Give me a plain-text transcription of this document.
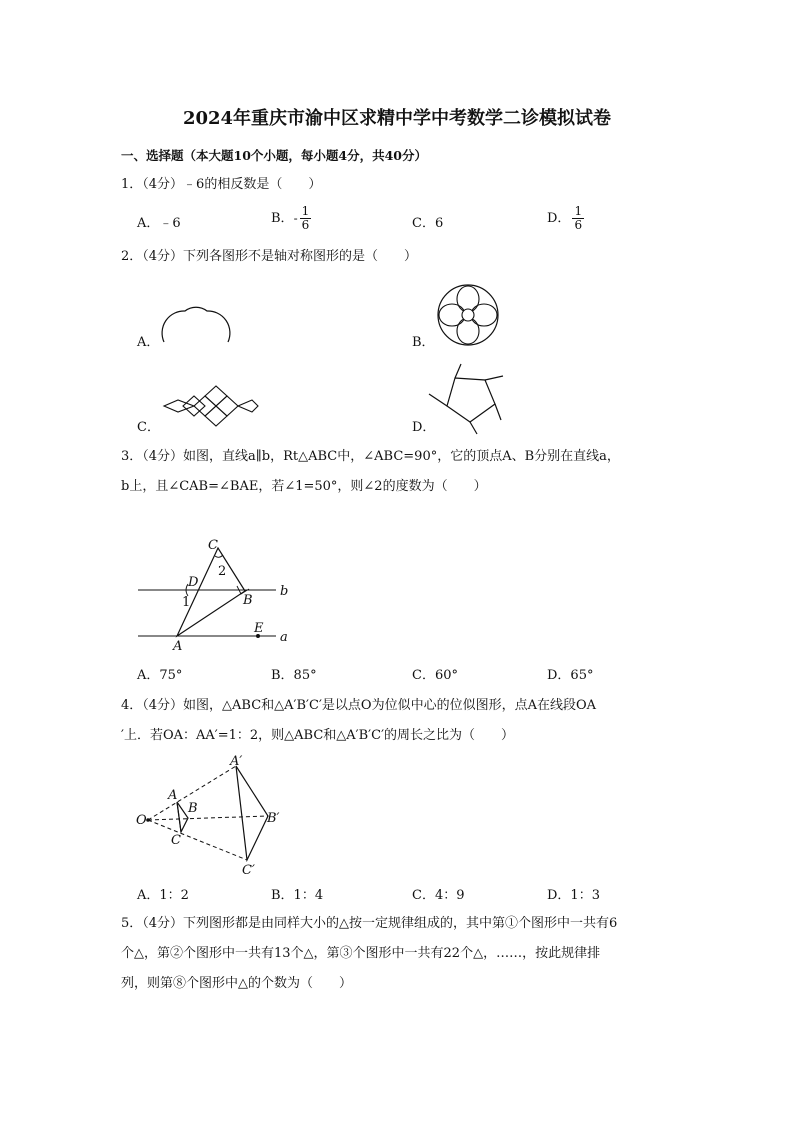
2024年重庆市渝中区求精中学中考数学二诊模拟试卷
一、选择题（本大题10个小题，每小题4分，共40分）
1．（4分）﹣6的相反数是（　　）
A．﹣6	B．- $\frac{1}{6}$	C．6	D． $\frac{1}{6}$
2．（4分）下列各图形不是轴对称图形的是（　　）
A．	B．
C．	D．
3．（4分）如图，直线a∥b，Rt△ABC中，∠ABC=90°，它的顶点A、B分别在直线a，
b上，且∠CAB=∠BAE，若∠1=50°，则∠2的度数为（　　）
C
2
D
1	B
b
E
a
A
A．75°	B．85°	C．60°	D．65°
4．（4分）如图，△ABC和△A′B′C′是以点O为位似中心的位似图形，点A在线段OA
′上．若OA：AA′=1：2，则△ABC和△A′B′C′的周长之比为（　　）
A′
A
B
O	B′
C
C′
A．1：2	B．1：4	C．4：9	D．1：3
5．（4分）下列图形都是由同样大小的△按一定规律组成的，其中第①个图形中一共有6
个△，第②个图形中一共有13个△，第③个图形中一共有22个△，……，按此规律排
列，则第⑧个图形中△的个数为（　　）
